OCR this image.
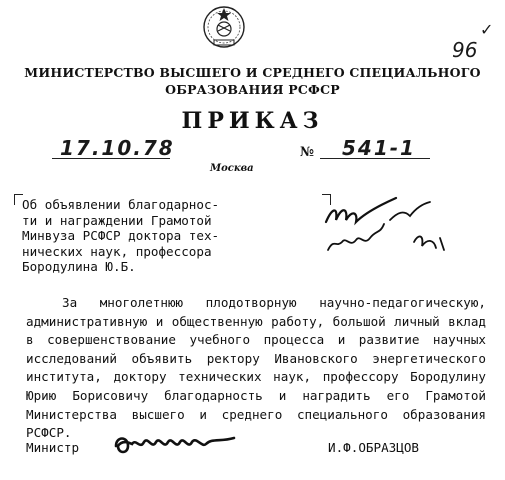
МИНИСТЕРСТВО ВЫСШЕГО И СРЕДНЕГО СПЕЦИАЛЬНОГО
ОБРАЗОВАНИЯ РСФСР
96
✓
ПРИКАЗ
17.10.78	№ 541-1
Москва
Об объявлении благодарнос-
ти и награждении Грамотой
Минвуза РСФСР доктора тех-
нических наук, профессора
Бородулина Ю.Б.
За многолетнюю плодотворную научно-педагогическую, административную и общественную работу, большой личный вклад в совершенствование учебного процесса и развитие научных исследований объявить ректору Ивановского энергетического института, доктору технических наук, профессору Бородулину Юрию Борисовичу благодарность и наградить его Грамотой Министерства высшего и среднего специального образования РСФСР.
Министр	И.Ф.ОБРАЗЦОВ
